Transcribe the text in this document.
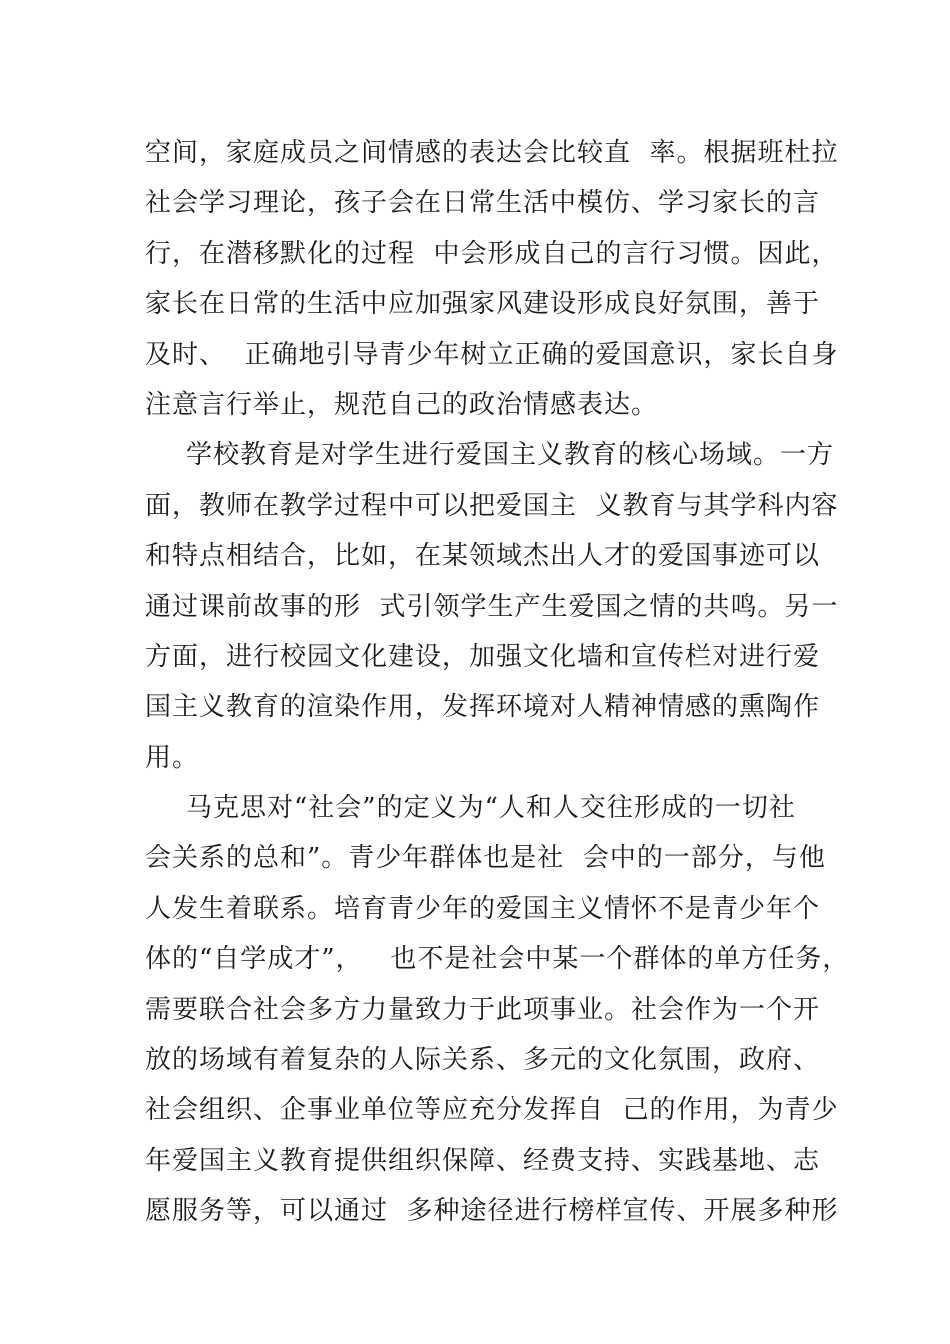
空间，家庭成员之间情感的表达会比较直  率。根据班杜拉
社会学习理论，孩子会在日常生活中模仿、学习家长的言
行，在潜移默化的过程  中会形成自己的言行习惯。因此，
家长在日常的生活中应加强家风建设形成良好氛围，善于
及时、  正确地引导青少年树立正确的爱国意识，家长自身
注意言行举止，规范自己的政治情感表达。
学校教育是对学生进行爱国主义教育的核心场域。一方
面，教师在教学过程中可以把爱国主  义教育与其学科内容
和特点相结合，比如，在某领域杰出人才的爱国事迹可以
通过课前故事的形  式引领学生产生爱国之情的共鸣。另一
方面，进行校园文化建设，加强文化墙和宣传栏对进行爱
国主义教育的渲染作用，发挥环境对人精神情感的熏陶作
用。
马克思对“社会”的定义为“人和人交往形成的一切社
会关系的总和”。青少年群体也是社  会中的一部分，与他
人发生着联系。培育青少年的爱国主义情怀不是青少年个
体的“自学成才”，   也不是社会中某一个群体的单方任务，
需要联合社会多方力量致力于此项事业。社会作为一个开
放的场域有着复杂的人际关系、多元的文化氛围，政府、
社会组织、企事业单位等应充分发挥自  己的作用，为青少
年爱国主义教育提供组织保障、经费支持、实践基地、志
愿服务等，可以通过  多种途径进行榜样宣传、开展多种形
